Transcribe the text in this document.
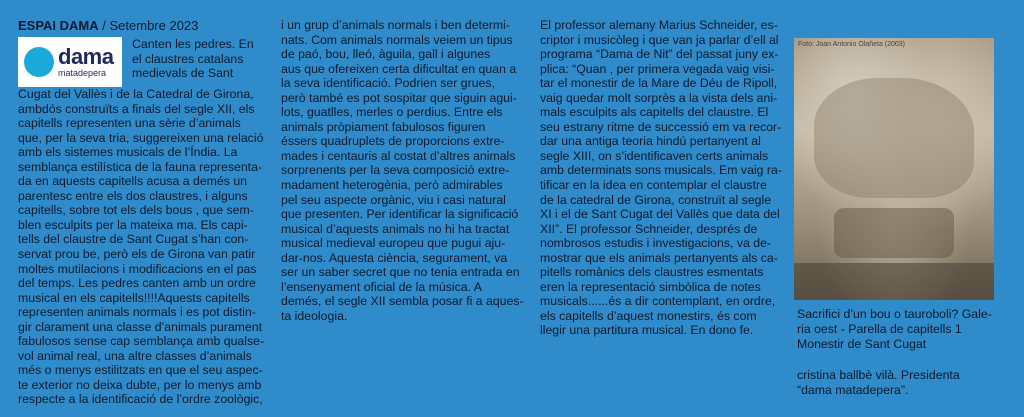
ESPAI DAMA / Setembre 2023
dama
matadepera
Canten les pedres. En
el claustres catalans
medievals de Sant
Cugat del Vallès i de la Catedral de Girona,
ambdós construïts a finals del segle XII, els
capitells representen una sèrie d’animals
que, per la seva tria, suggereixen una relació
amb els sistemes musicals de l’Índia. La
semblança estilística de la fauna representa-
da en aquests capitells acusa a demés un
parentesc entre els dos claustres, i alguns
capitells, sobre tot els dels bous , que sem-
blen esculpits per la mateixa ma. Els capi-
tells del claustre de Sant Cugat s’han con-
servat prou be, però els de Girona van patir
moltes mutilacions i modificacions en el pas
del temps. Les pedres canten amb un ordre
musical en els capitells!!!!Aquests capitells
representen animals normals i es pot distin-
gir clarament una classe d’animals purament
fabulosos sense cap semblança amb qualse-
vol animal real, una altre classes d’animals
més o menys estilitzats en que el seu aspec-
te exterior no deixa dubte, per lo menys amb
respecte a la identificació de l’ordre zoològic,
i un grup d’animals normals i ben determi-
nats. Com animals normals veiem un tipus
de paó, bou, lleó, àguila, gall i algunes
aus que ofereixen certa dificultat en quan a
la seva identificació. Podrien ser grues,
però també es pot sospitar que siguin agui-
lots, guatlles, merles o perdius. Entre els
animals pròpiament fabulosos figuren
éssers quadruplets de proporcions extre-
mades i centauris al costat d’altres animals
sorprenents per la seva composició extre-
madament heterogènia, però admirables
pel seu aspecte orgànic, viu i casi natural
que presenten. Per identificar la significació
musical d’aquests animals no hi ha tractat
musical medieval europeu que pugui aju-
dar-nos. Aquesta ciència, segurament, va
ser un saber secret que no tenia entrada en
l’ensenyament oficial de la música. A
demés, el segle XII sembla posar fi a aques-
ta ideologia.
El professor alemany Marius Schneider, es-
criptor i musicòleg i que van ja parlar d’ell al
programa “Dama de Nit” del passat juny ex-
plica: “Quan , per primera vegada vaig visi-
tar el monestir de la Mare de Déu de Ripoll,
vaig quedar molt sorprès a la vista dels ani-
mals esculpits als capitells del claustre. El
seu estrany ritme de successió em va recor-
dar una antiga teoria hindú pertanyent al
segle XIII, on s’identificaven certs animals
amb determinats sons musicals. Em vaig ra-
tificar en la idea en contemplar el claustre
de la catedral de Girona, construït al segle
XI i el de Sant Cugat del Vallès que data del
XII”. El professor Schneider, després de
nombrosos estudis i investigacions, va de-
mostrar que els animals pertanyents als ca-
pitells romànics dels claustres esmentats
eren la representació simbòlica de notes
musicals......és a dir contemplant, en ordre,
els capitells d’aquest monestirs, és com
llegir una partitura musical. En dono fe.
Foto: Joan Antonio Olañeta (2003)
Sacrifici d’un bou o tauroboli? Gale-
ria oest - Parella de capitells 1
Monestir de Sant Cugat
cristina ballbè vilà. Presidenta
“dama matadepera”.
